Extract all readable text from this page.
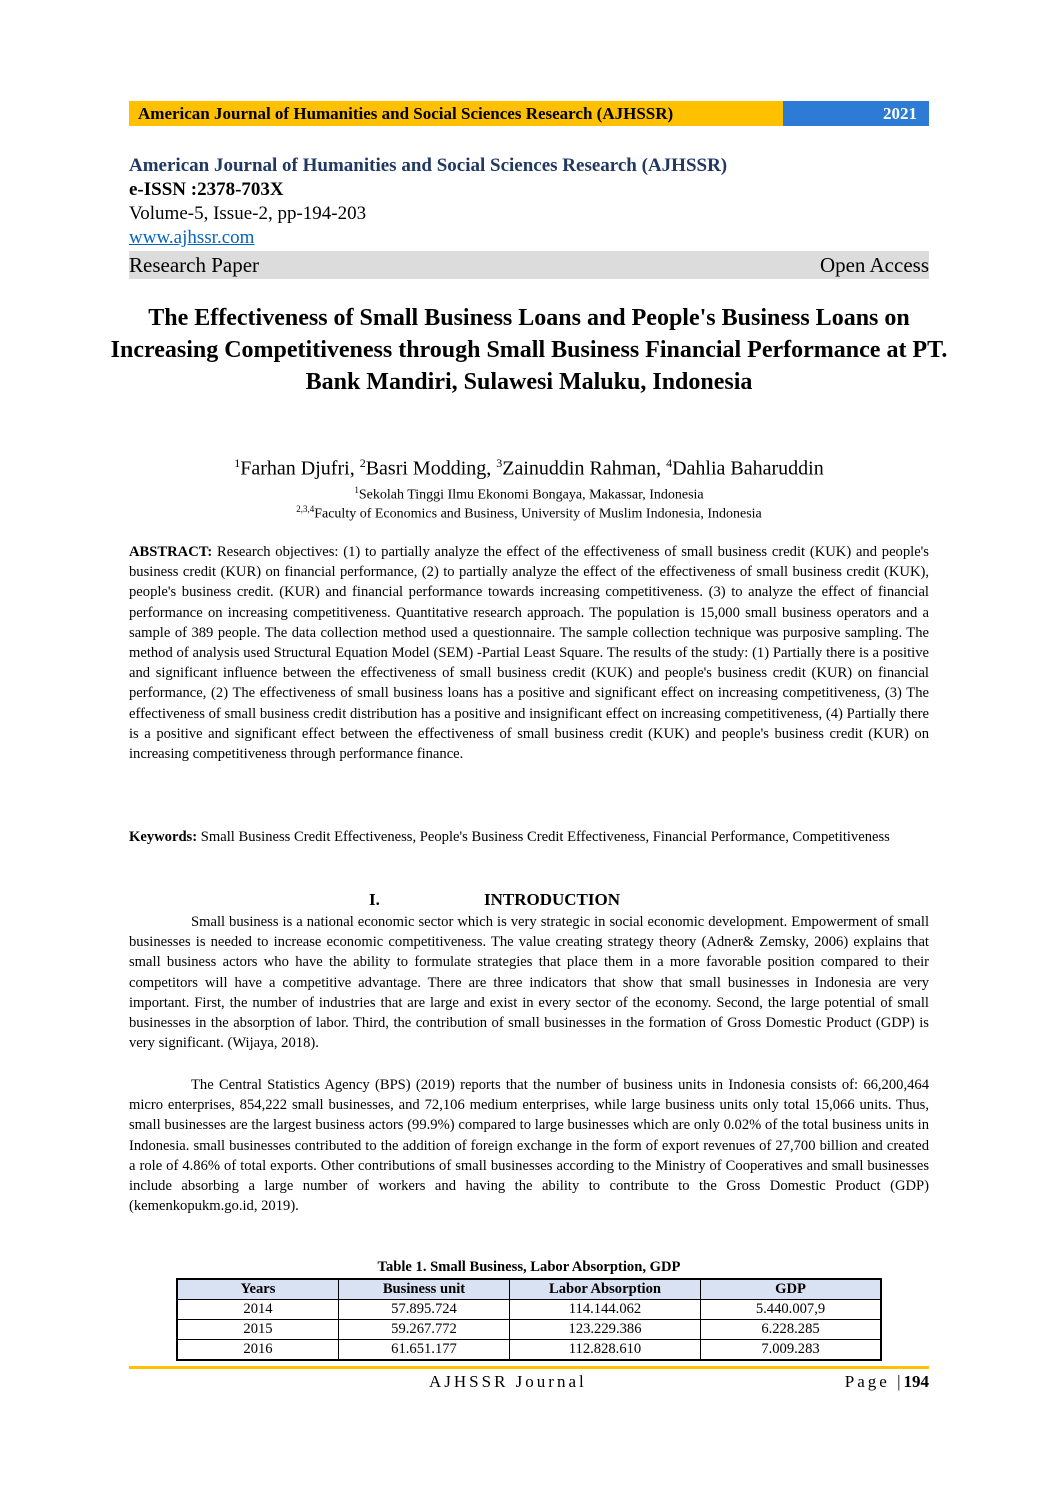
American Journal of Humanities and Social Sciences Research (AJHSSR)	2021
American Journal of Humanities and Social Sciences Research (AJHSSR)
e-ISSN :2378-703X
Volume-5, Issue-2, pp-194-203
www.ajhssr.com
Research Paper	Open Access
The Effectiveness of Small Business Loans and People's Business Loans on Increasing Competitiveness through Small Business Financial Performance at PT. Bank Mandiri, Sulawesi Maluku, Indonesia
$^1$Farhan Djufri, $^2$Basri Modding, $^3$Zainuddin Rahman, $^4$Dahlia Baharuddin
$^1$Sekolah Tinggi Ilmu Ekonomi Bongaya, Makassar, Indonesia
$^{2,3,4}$Faculty of Economics and Business, University of Muslim Indonesia, Indonesia
ABSTRACT: Research objectives: (1) to partially analyze the effect of the effectiveness of small business credit (KUK) and people's business credit (KUR) on financial performance, (2) to partially analyze the effect of the effectiveness of small business credit (KUK), people's business credit. (KUR) and financial performance towards increasing competitiveness. (3) to analyze the effect of financial performance on increasing competitiveness. Quantitative research approach. The population is 15,000 small business operators and a sample of 389 people. The data collection method used a questionnaire. The sample collection technique was purposive sampling. The method of analysis used Structural Equation Model (SEM) -Partial Least Square. The results of the study: (1) Partially there is a positive and significant influence between the effectiveness of small business credit (KUK) and people's business credit (KUR) on financial performance, (2) The effectiveness of small business loans has a positive and significant effect on increasing competitiveness, (3) The effectiveness of small business credit distribution has a positive and insignificant effect on increasing competitiveness, (4) Partially there is a positive and significant effect between the effectiveness of small business credit (KUK) and people's business credit (KUR) on increasing competitiveness through performance finance.
Keywords: Small Business Credit Effectiveness, People's Business Credit Effectiveness, Financial Performance, Competitiveness
I.	INTRODUCTION
Small business is a national economic sector which is very strategic in social economic development. Empowerment of small businesses is needed to increase economic competitiveness. The value creating strategy theory (Adner& Zemsky, 2006) explains that small business actors who have the ability to formulate strategies that place them in a more favorable position compared to their competitors will have a competitive advantage. There are three indicators that show that small businesses in Indonesia are very important. First, the number of industries that are large and exist in every sector of the economy. Second, the large potential of small businesses in the absorption of labor. Third, the contribution of small businesses in the formation of Gross Domestic Product (GDP) is very significant. (Wijaya, 2018).
The Central Statistics Agency (BPS) (2019) reports that the number of business units in Indonesia consists of: 66,200,464 micro enterprises, 854,222 small businesses, and 72,106 medium enterprises, while large business units only total 15,066 units. Thus, small businesses are the largest business actors (99.9%) compared to large businesses which are only 0.02% of the total business units in Indonesia. small businesses contributed to the addition of foreign exchange in the form of export revenues of 27,700 billion and created a role of 4.86% of total exports. Other contributions of small businesses according to the Ministry of Cooperatives and small businesses include absorbing a large number of workers and having the ability to contribute to the Gross Domestic Product (GDP) (kemenkopukm.go.id, 2019).
Table 1. Small Business, Labor Absorption, GDP
Years	Business unit	Labor Absorption	GDP
2014	57.895.724	114.144.062	5.440.007,9
2015	59.267.772	123.229.386	6.228.285
2016	61.651.177	112.828.610	7.009.283
AJHSSR Journal	Page |194
